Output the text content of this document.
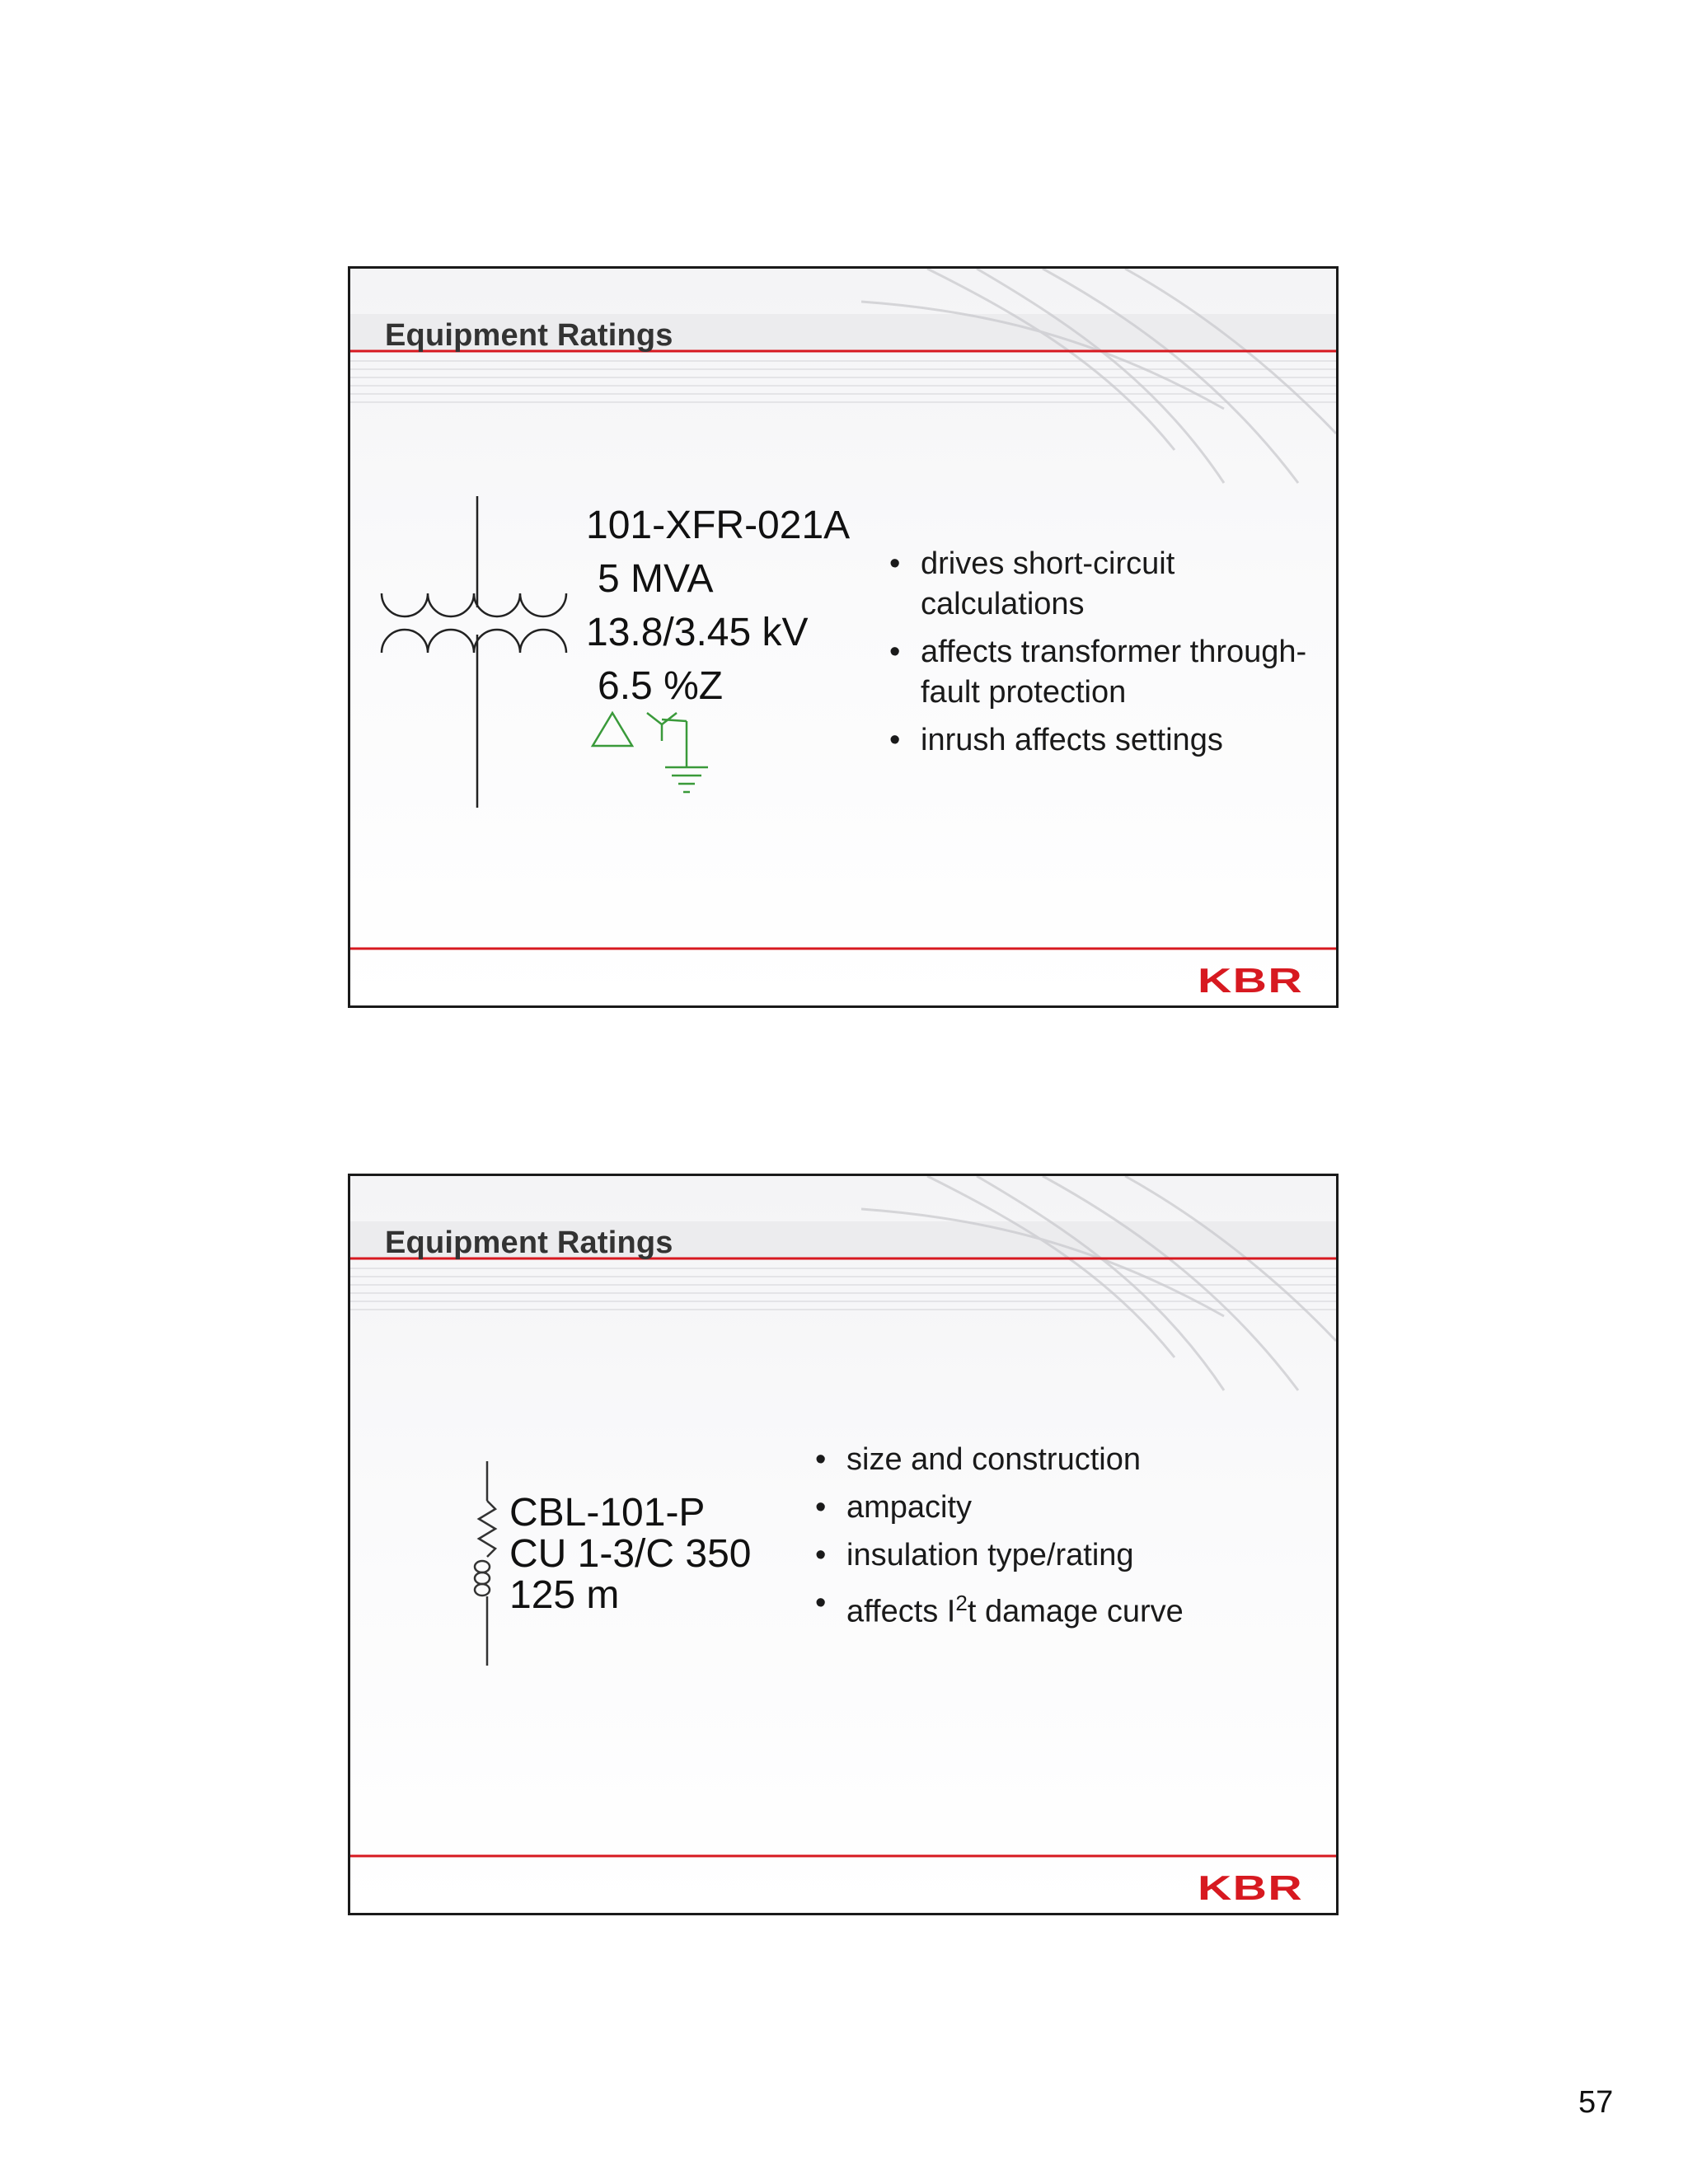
Equipment Ratings

101-XFR-021A

5 MVA

13.8/3.45 kV

6.5 %Z

• drives short-circuit calculations
• affects transformer through-fault protection
• inrush affects settings
KBR
Equipment Ratings

CBL-101-P

CU 1-3/C 350

125 m

• size and construction
• ampacity
• insulation type/rating
• affects $I^2t$ damage curve
KBR

57
